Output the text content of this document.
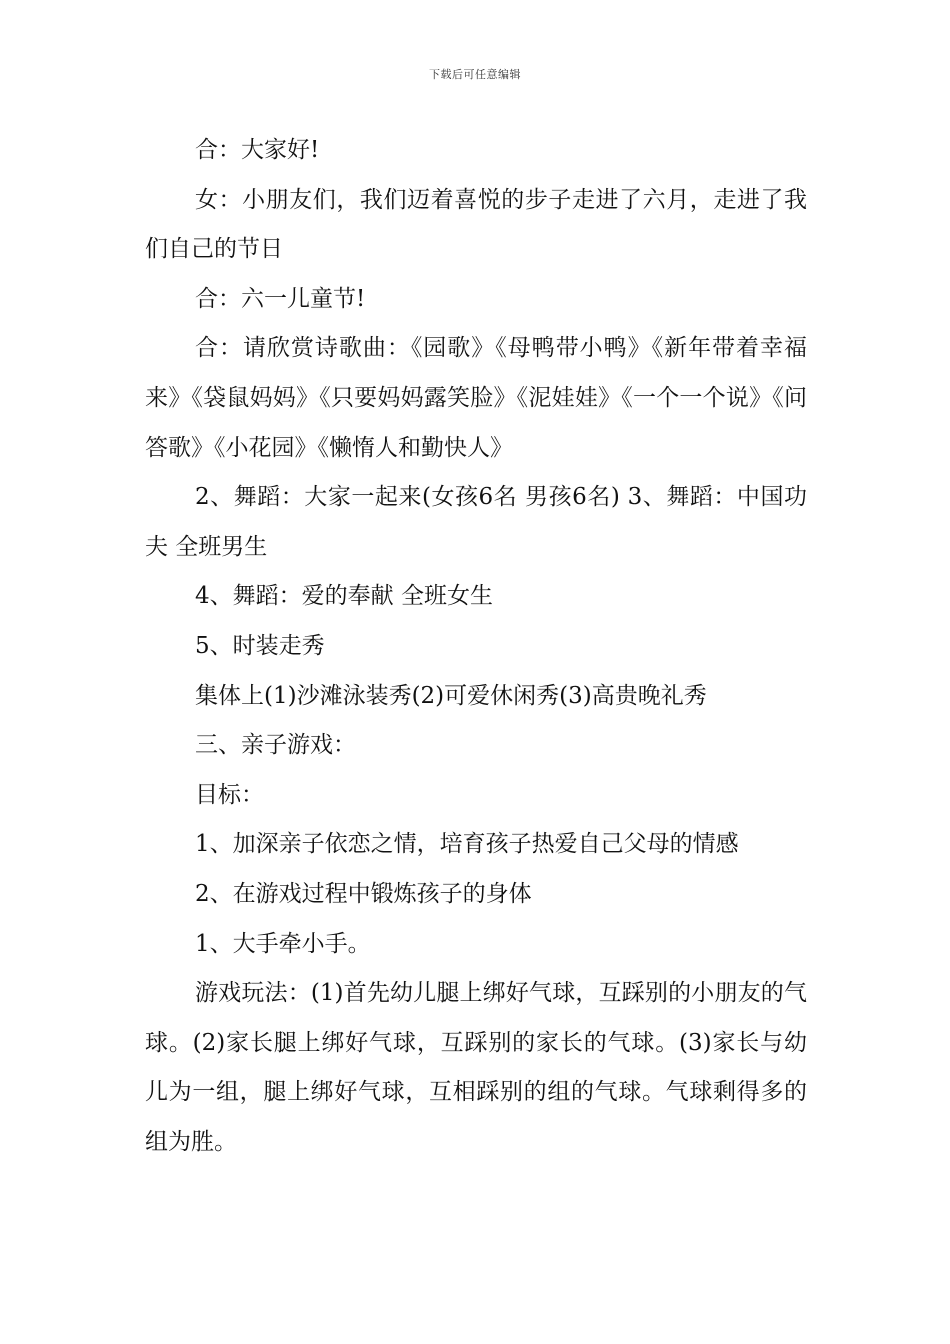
下载后可任意编辑

合：大家好!

女：小朋友们，我们迈着喜悦的步子走进了六月，走进了我们自己的节日

合：六一儿童节!

合：请欣赏诗歌曲：《园歌》《母鸭带小鸭》《新年带着幸福来》《袋鼠妈妈》《只要妈妈露笑脸》《泥娃娃》《一个一个说》《问答歌》《小花园》《懒惰人和勤快人》

2、舞蹈：大家一起来(女孩6名 男孩6名) 3、舞蹈：中国功夫 全班男生

4、舞蹈：爱的奉献 全班女生

5、时装走秀

集体上(1)沙滩泳装秀(2)可爱休闲秀(3)高贵晚礼秀

三、亲子游戏：

目标：

1、加深亲子依恋之情，培育孩子热爱自己父母的情感

2、在游戏过程中锻炼孩子的身体

1、大手牵小手。

游戏玩法：(1)首先幼儿腿上绑好气球，互踩别的小朋友的气球。(2)家长腿上绑好气球，互踩别的家长的气球。(3)家长与幼儿为一组，腿上绑好气球，互相踩别的组的气球。气球剩得多的组为胜。
